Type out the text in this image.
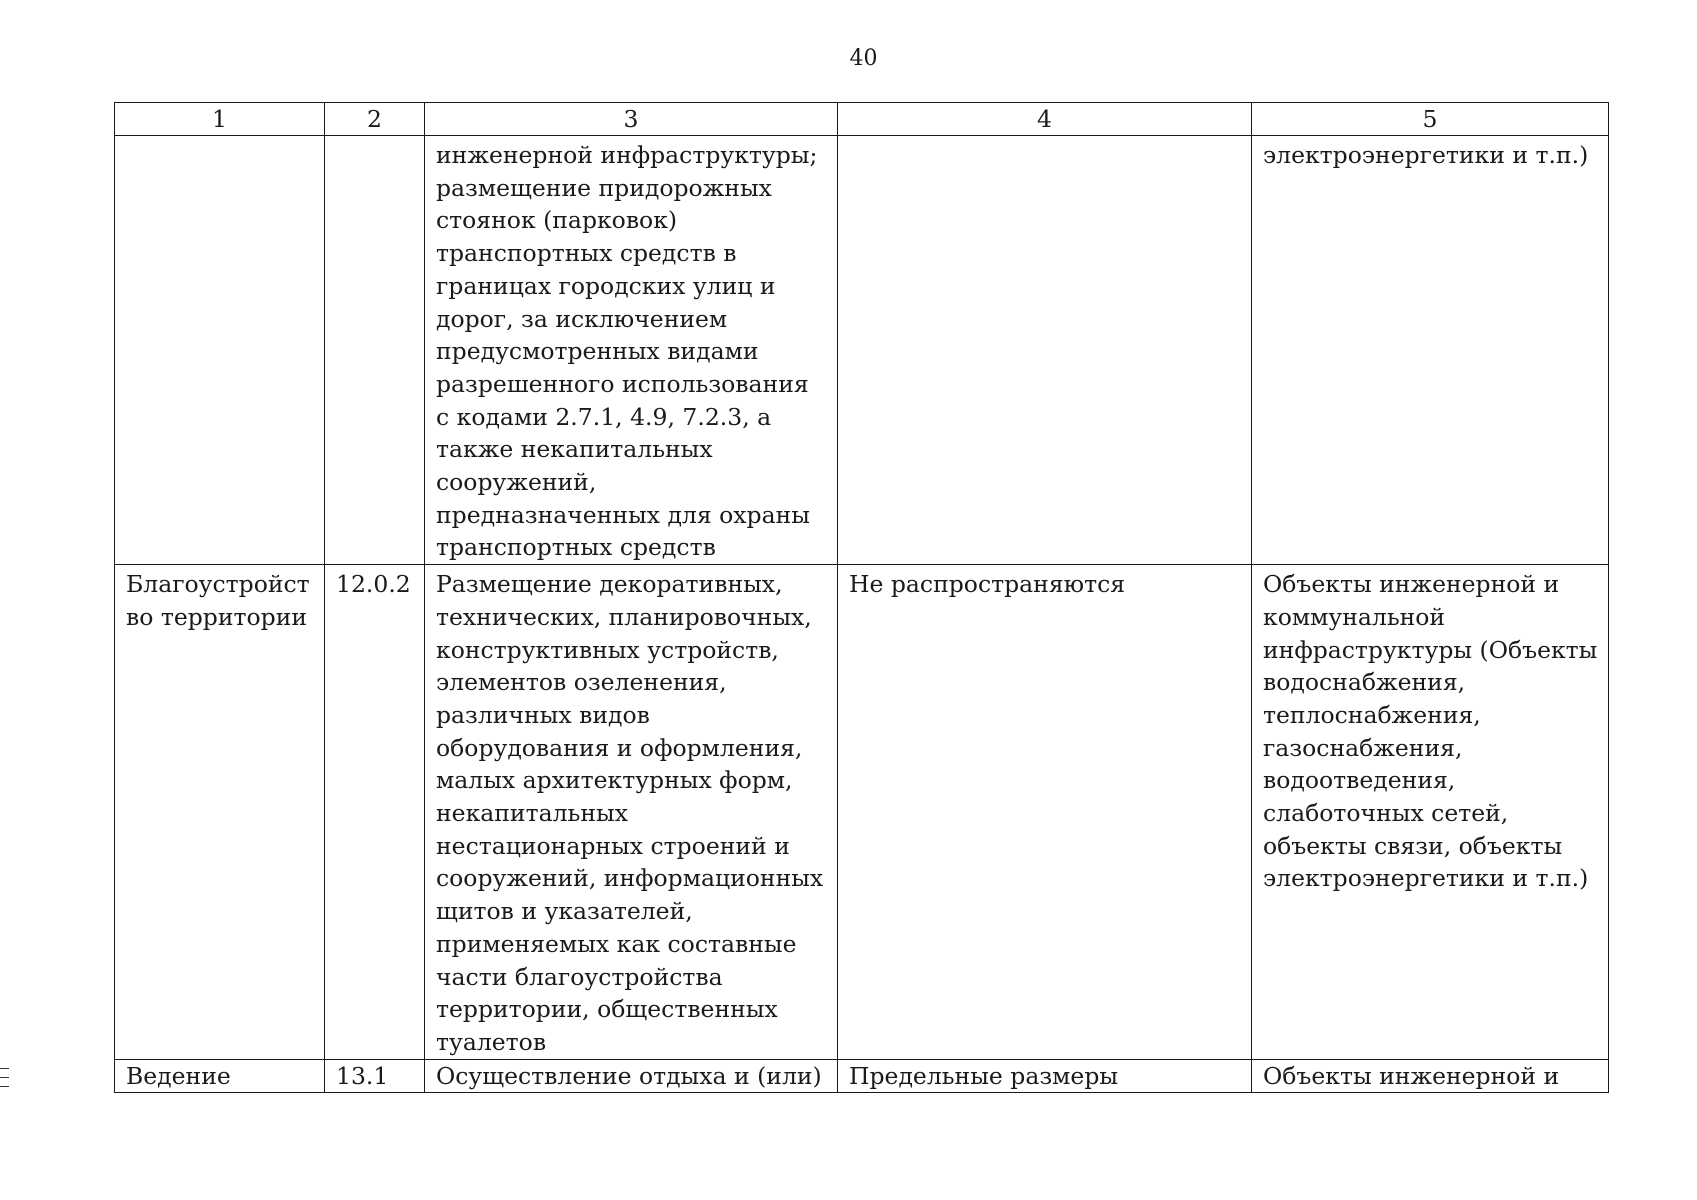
40
1	2	3	4	5
		инженерной инфраструктуры; размещение придорожных стоянок (парковок) транспортных средств в границах городских улиц и дорог, за исключением предусмотренных видами разрешенного использования с кодами 2.7.1, 4.9, 7.2.3, а также некапитальных сооружений, предназначенных для охраны транспортных средств		электроэнергетики и т.п.)
Благоустройство территории	12.0.2	Размещение декоративных, технических, планировочных, конструктивных устройств, элементов озеленения, различных видов оборудования и оформления, малых архитектурных форм, некапитальных нестационарных строений и сооружений, информационных щитов и указателей, применяемых как составные части благоустройства территории, общественных туалетов	Не распространяются	Объекты инженерной и коммунальной инфраструктуры (Объекты водоснабжения, теплоснабжения, газоснабжения, водоотведения, слаботочных сетей, объекты связи, объекты электроэнергетики и т.п.)
Ведение	13.1	Осуществление отдыха и (или)	Предельные размеры	Объекты инженерной и
